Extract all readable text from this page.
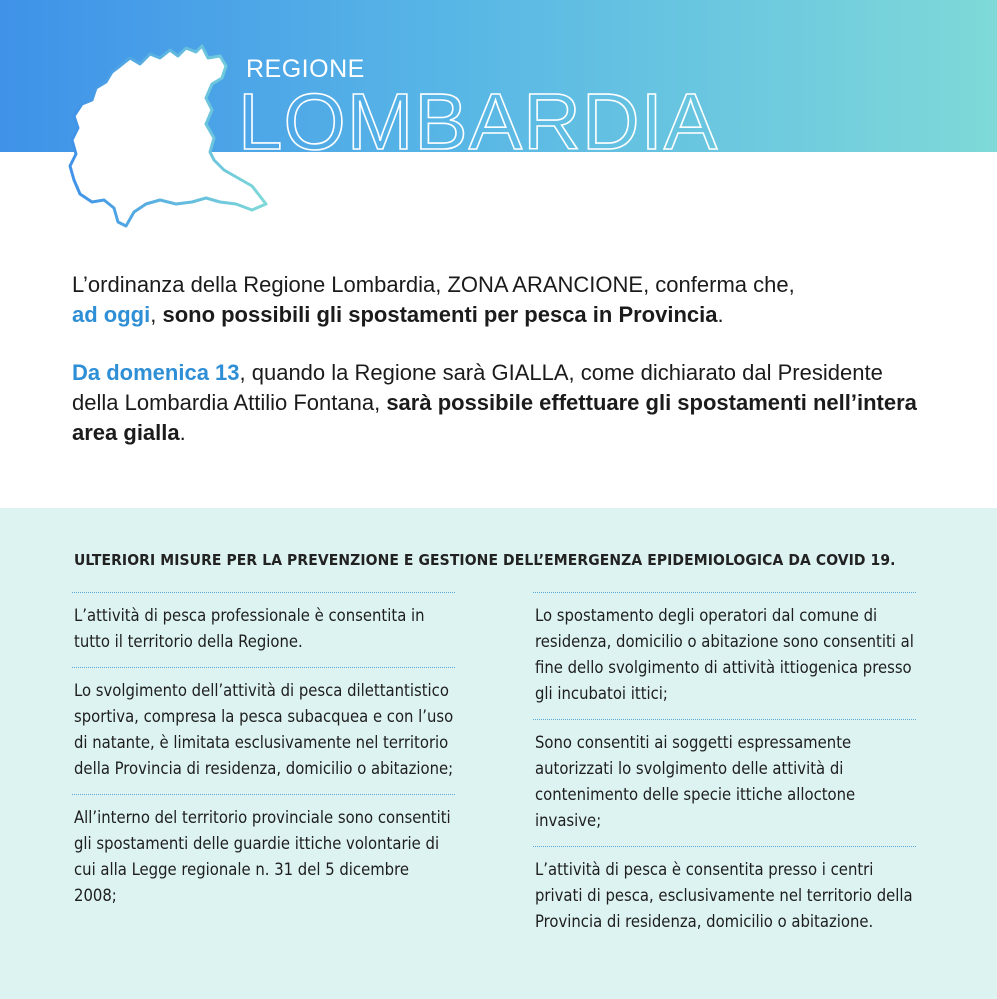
REGIONE
LOMBARDIA

L’ordinanza della Regione Lombardia, ZONA ARANCIONE, conferma che,
ad oggi, sono possibili gli spostamenti per pesca in Provincia.

Da domenica 13, quando la Regione sarà GIALLA, come dichiarato dal Presidente della Lombardia Attilio Fontana, sarà possibile effettuare gli spostamenti nell’intera area gialla.

ULTERIORI MISURE PER LA PREVENZIONE E GESTIONE DELL’EMERGENZA EPIDEMIOLOGICA DA COVID 19.
L’attività di pesca professionale è consentita in tutto il territorio della Regione.
Lo svolgimento dell’attività di pesca dilettantistico sportiva, compresa la pesca subacquea e con l’uso di natante, è limitata esclusivamente nel territorio della Provincia di residenza, domicilio o abitazione;
All’interno del territorio provinciale sono consentiti gli spostamenti delle guardie ittiche volontarie di cui alla Legge regionale n. 31 del 5 dicembre 2008;
Lo spostamento degli operatori dal comune di residenza, domicilio o abitazione sono consentiti al fine dello svolgimento di attività ittiogenica presso gli incubatoi ittici;
Sono consentiti ai soggetti espressamente autorizzati lo svolgimento delle attività di contenimento delle specie ittiche alloctone invasive;
L’attività di pesca è consentita presso i centri privati di pesca, esclusivamente nel territorio della Provincia di residenza, domicilio o abitazione.
